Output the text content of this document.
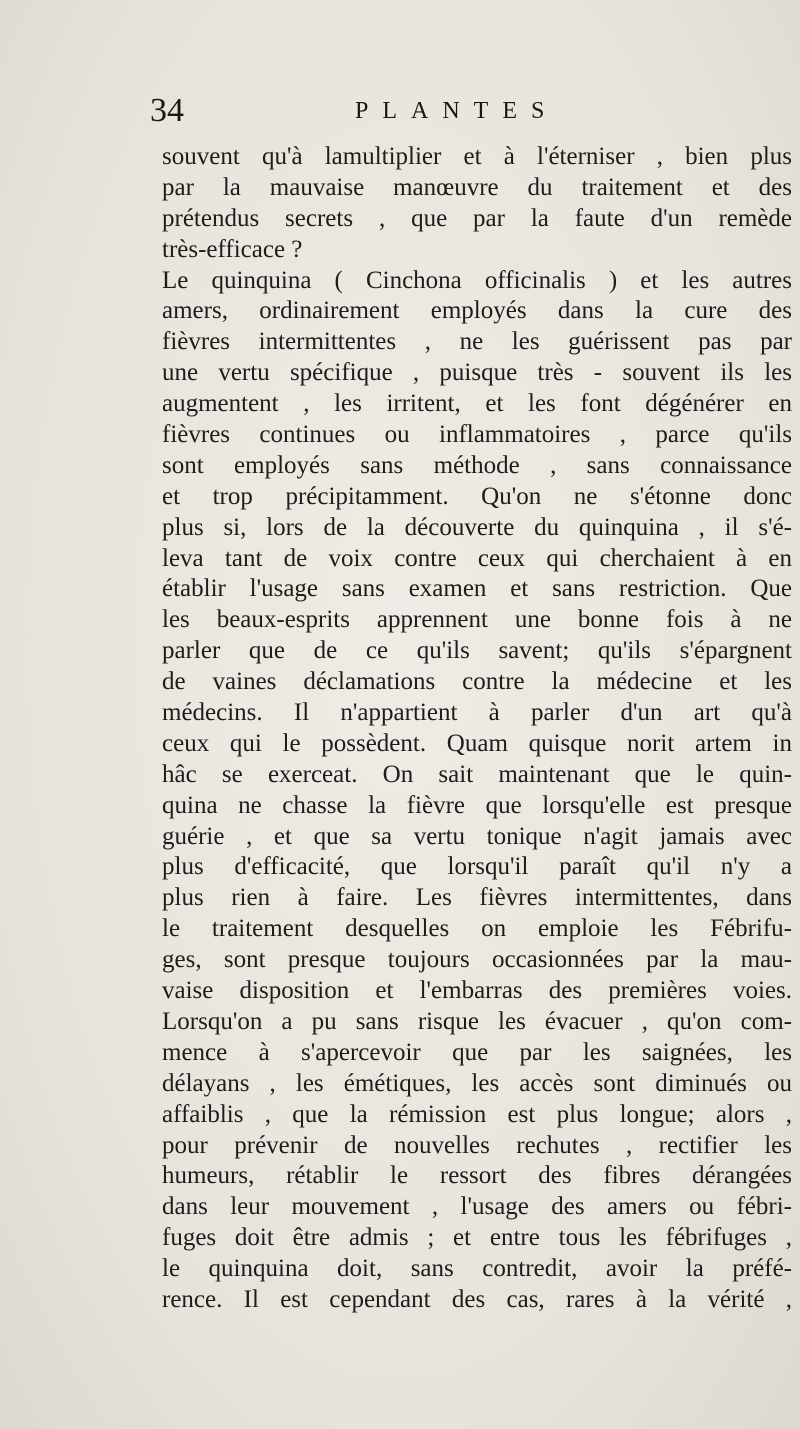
34	PLANTES
souvent qu'à lamultiplier et à l'éterniser , bien plus
par la mauvaise manœuvre du traitement et des
prétendus secrets , que par la faute d'un remède
très-efficace ?
Le quinquina ( Cinchona officinalis ) et les autres
amers, ordinairement employés dans la cure des
fièvres intermittentes , ne les guérissent pas par
une vertu spécifique , puisque très - souvent ils les
augmentent , les irritent, et les font dégénérer en
fièvres continues ou inflammatoires , parce qu'ils
sont employés sans méthode , sans connaissance
et trop précipitamment. Qu'on ne s'étonne donc
plus si, lors de la découverte du quinquina , il s'é-
leva tant de voix contre ceux qui cherchaient à en
établir l'usage sans examen et sans restriction. Que
les beaux-esprits apprennent une bonne fois à ne
parler que de ce qu'ils savent; qu'ils s'épargnent
de vaines déclamations contre la médecine et les
médecins. Il n'appartient à parler d'un art qu'à
ceux qui le possèdent. Quam quisque norit artem in
hâc se exerceat. On sait maintenant que le quin-
quina ne chasse la fièvre que lorsqu'elle est presque
guérie , et que sa vertu tonique n'agit jamais avec
plus d'efficacité, que lorsqu'il paraît qu'il n'y a
plus rien à faire. Les fièvres intermittentes, dans
le traitement desquelles on emploie les Fébrifu-
ges, sont presque toujours occasionnées par la mau-
vaise disposition et l'embarras des premières voies.
Lorsqu'on a pu sans risque les évacuer , qu'on com-
mence à s'apercevoir que par les saignées, les
délayans , les émétiques, les accès sont diminués ou
affaiblis , que la rémission est plus longue; alors ,
pour prévenir de nouvelles rechutes , rectifier les
humeurs, rétablir le ressort des fibres dérangées
dans leur mouvement , l'usage des amers ou fébri-
fuges doit être admis ; et entre tous les fébrifuges ,
le quinquina doit, sans contredit, avoir la préfé-
rence. Il est cependant des cas, rares à la vérité ,
